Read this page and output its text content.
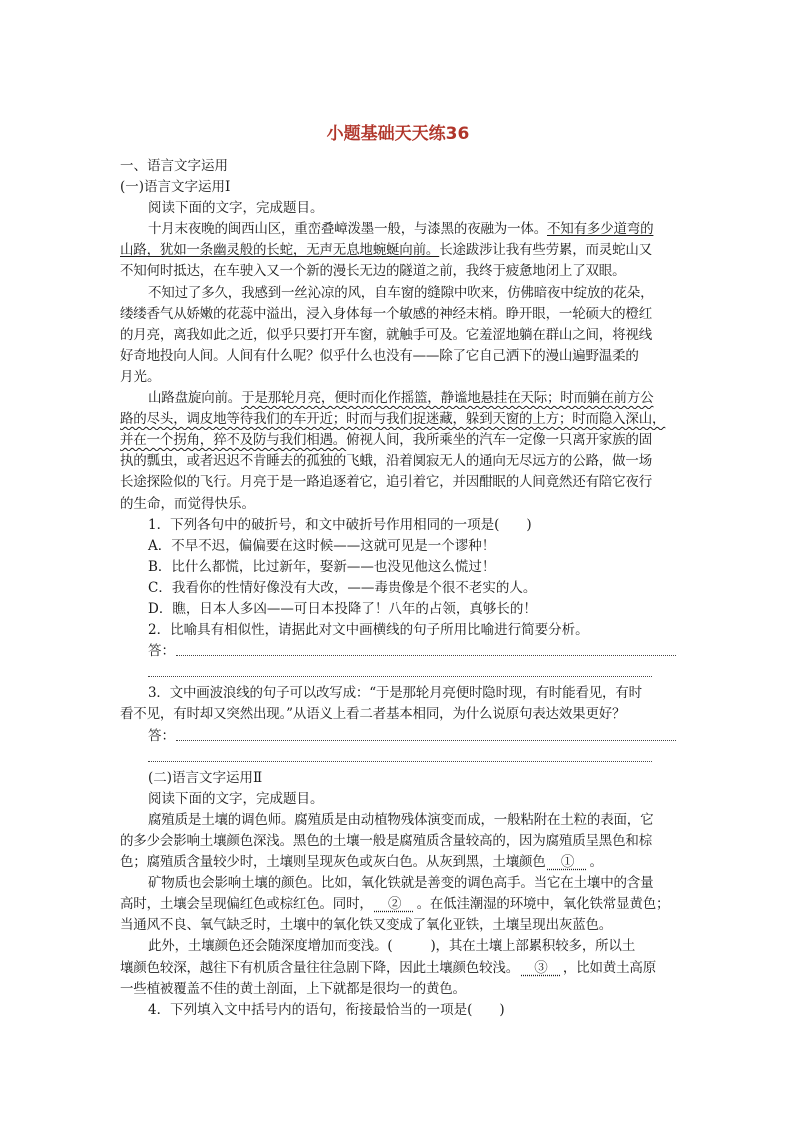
小题基础天天练36
一、语言文字运用
(一)语言文字运用Ⅰ
阅读下面的文字，完成题目。
十月末夜晚的闽西山区，重峦叠嶂泼墨一般，与漆黑的夜融为一体。不知有多少道弯的
山路，犹如一条幽灵般的长蛇，无声无息地蜿蜒向前。长途跋涉让我有些劳累，而灵蛇山又
不知何时抵达，在车驶入又一个新的漫长无边的隧道之前，我终于疲惫地闭上了双眼。
不知过了多久，我感到一丝沁凉的风，自车窗的缝隙中吹来，仿佛暗夜中绽放的花朵，
缕缕香气从娇嫩的花蕊中溢出，浸入身体每一个敏感的神经末梢。睁开眼，一轮硕大的橙红
的月亮，离我如此之近，似乎只要打开车窗，就触手可及。它羞涩地躺在群山之间，将视线
好奇地投向人间。人间有什么呢？似乎什么也没有——除了它自己洒下的漫山遍野温柔的
月光。
山路盘旋向前。于是那轮月亮，便时而化作摇篮，静谧地悬挂在天际；时而躺在前方公
路的尽头，调皮地等待我们的车开近；时而与我们捉迷藏，躲到天窗的上方；时而隐入深山，
并在一个拐角，猝不及防与我们相遇。俯视人间，我所乘坐的汽车一定像一只离开家族的固
执的瓢虫，或者迟迟不肯睡去的孤独的飞蛾，沿着阒寂无人的通向无尽远方的公路，做一场
长途探险似的飞行。月亮于是一路追逐着它，追引着它，并因酣眠的人间竟然还有陪它夜行
的生命，而觉得快乐。
1．下列各句中的破折号，和文中破折号作用相同的一项是(　　)
A．不早不迟，偏偏要在这时候——这就可见是一个谬种！
B．比什么都慌，比过新年，娶新——也没见他这么慌过！
C．我看你的性情好像没有大改，——毒贵像是个很不老实的人。
D．瞧，日本人多凶——可日本投降了！八年的占领，真够长的！
2．比喻具有相似性，请据此对文中画横线的句子所用比喻进行简要分析。
答：
3．文中画波浪线的句子可以改写成：“于是那轮月亮便时隐时现，有时能看见，有时
看不见，有时却又突然出现。”从语义上看二者基本相同，为什么说原句表达效果更好？
答：
(二)语言文字运用Ⅱ
阅读下面的文字，完成题目。
腐殖质是土壤的调色师。腐殖质是由动植物残体演变而成，一般粘附在土粒的表面，它
的多少会影响土壤颜色深浅。黑色的土壤一般是腐殖质含量较高的，因为腐殖质呈黑色和棕
色；腐殖质含量较少时，土壤则呈现灰色或灰白色。从灰到黑，土壤颜色　①　。
矿物质也会影响土壤的颜色。比如，氧化铁就是善变的调色高手。当它在土壤中的含量
高时，土壤会呈现偏红色或棕红色。同时，　②　。在低洼潮湿的环境中，氧化铁常显黄色；
当通风不良、氧气缺乏时，土壤中的氧化铁又变成了氧化亚铁，土壤呈现出灰蓝色。
此外，土壤颜色还会随深度增加而变浅。(	)，其在土壤上部累积较多，所以土
壤颜色较深，越往下有机质含量往往急剧下降，因此土壤颜色较浅。　③　，比如黄土高原
一些植被覆盖不佳的黄土剖面，上下就都是很均一的黄色。
4．下列填入文中括号内的语句，衔接最恰当的一项是(　　)
